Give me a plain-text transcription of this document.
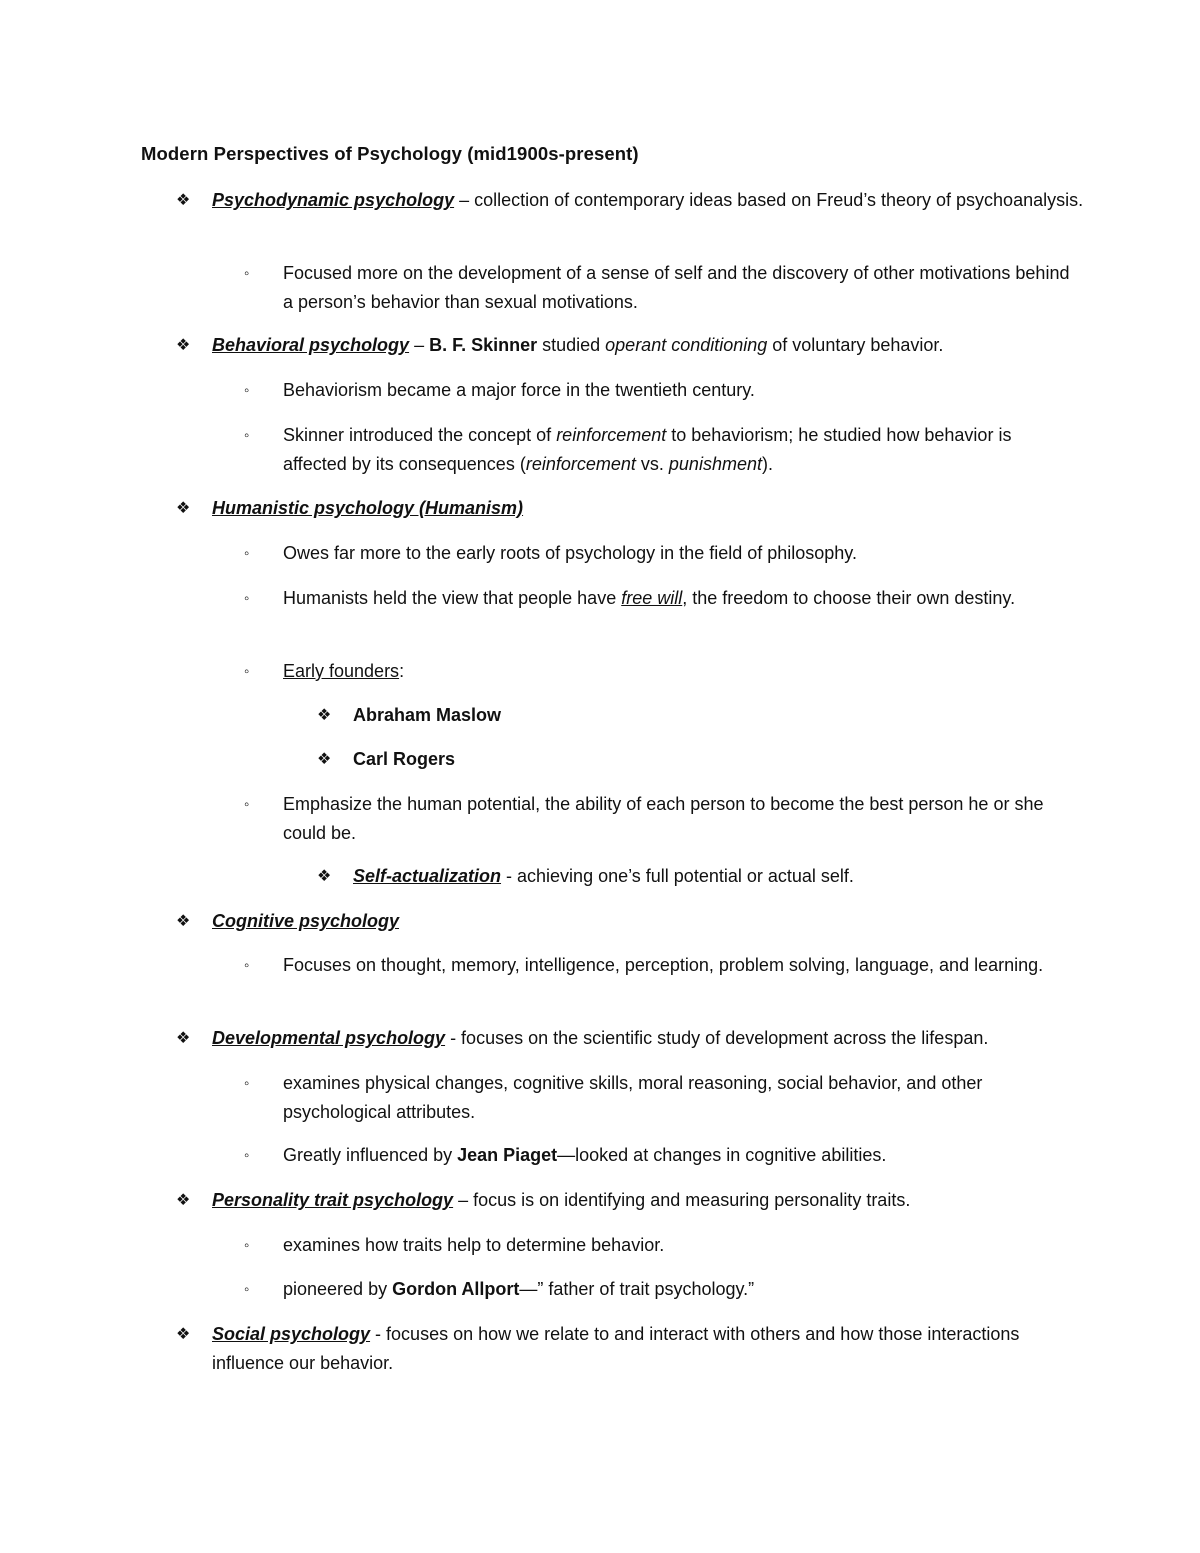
Modern Perspectives of Psychology (mid1900s-present)
❖ Psychodynamic psychology – collection of contemporary ideas based on Freud’s theory of psychoanalysis.
◦ Focused more on the development of a sense of self and the discovery of other motivations behind a person’s behavior than sexual motivations.
❖ Behavioral psychology – B. F. Skinner studied operant conditioning of voluntary behavior.
◦ Behaviorism became a major force in the twentieth century.
◦ Skinner introduced the concept of reinforcement to behaviorism; he studied how behavior is affected by its consequences (reinforcement vs. punishment).
❖ Humanistic psychology (Humanism)
◦ Owes far more to the early roots of psychology in the field of philosophy.
◦ Humanists held the view that people have free will, the freedom to choose their own destiny.
◦ Early founders:
❖ Abraham Maslow
❖ Carl Rogers
◦ Emphasize the human potential, the ability of each person to become the best person he or she could be.
❖ Self-actualization - achieving one’s full potential or actual self.
❖ Cognitive psychology
◦ Focuses on thought, memory, intelligence, perception, problem solving, language, and learning.
❖ Developmental psychology - focuses on the scientific study of development across the lifespan.
◦ examines physical changes, cognitive skills, moral reasoning, social behavior, and other psychological attributes.
◦ Greatly influenced by Jean Piaget—looked at changes in cognitive abilities.
❖ Personality trait psychology – focus is on identifying and measuring personality traits.
◦ examines how traits help to determine behavior.
◦ pioneered by Gordon Allport—” father of trait psychology.”
❖ Social psychology - focuses on how we relate to and interact with others and how those interactions influence our behavior.
